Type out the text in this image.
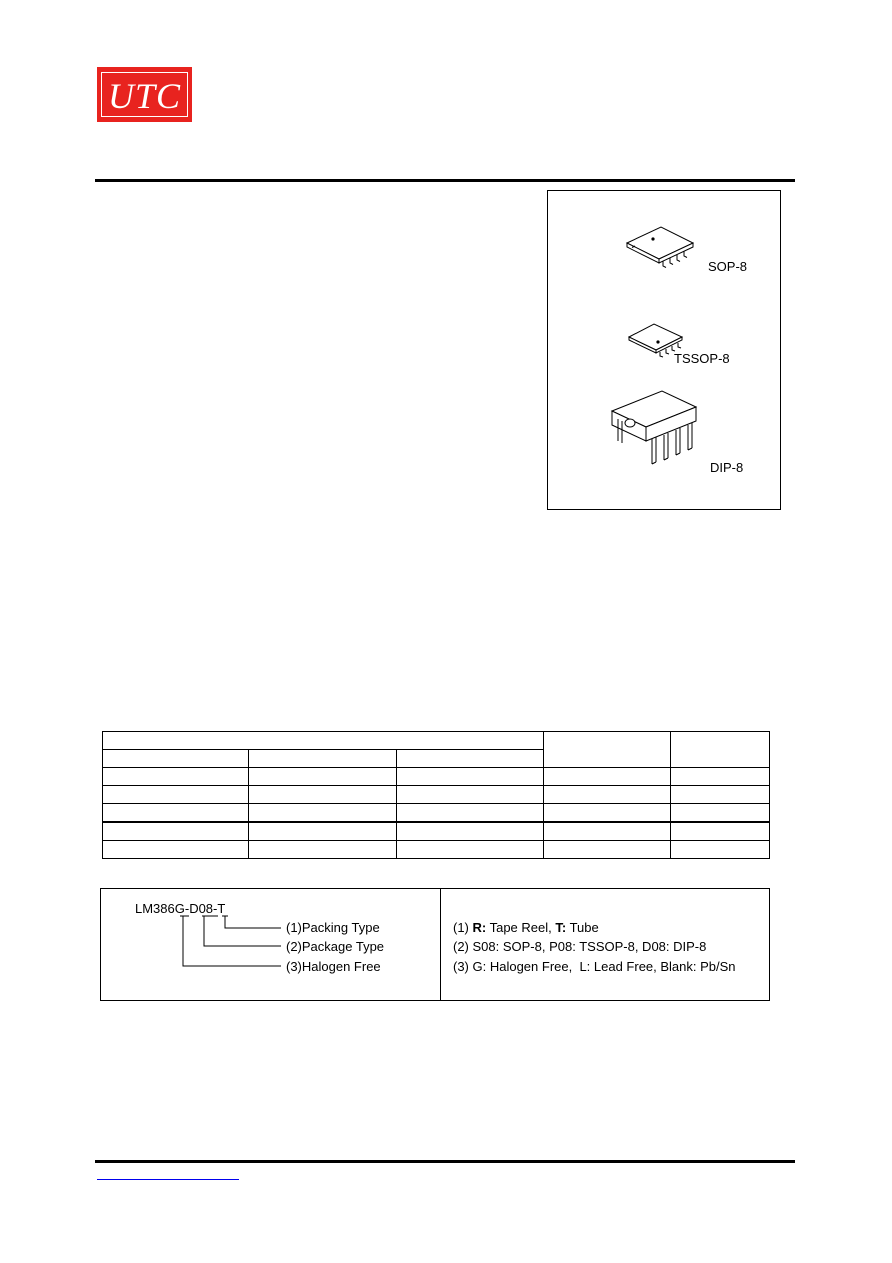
UTC
SOP-8
TSSOP-8
DIP-8

LM386G-D08-T
(1)Packing Type
(2)Package Type
(3)Halogen Free
(1) R: Tape Reel, T: Tube
(2) S08: SOP-8, P08: TSSOP-8, D08: DIP-8
(3) G: Halogen Free,  L: Lead Free, Blank: Pb/Sn
